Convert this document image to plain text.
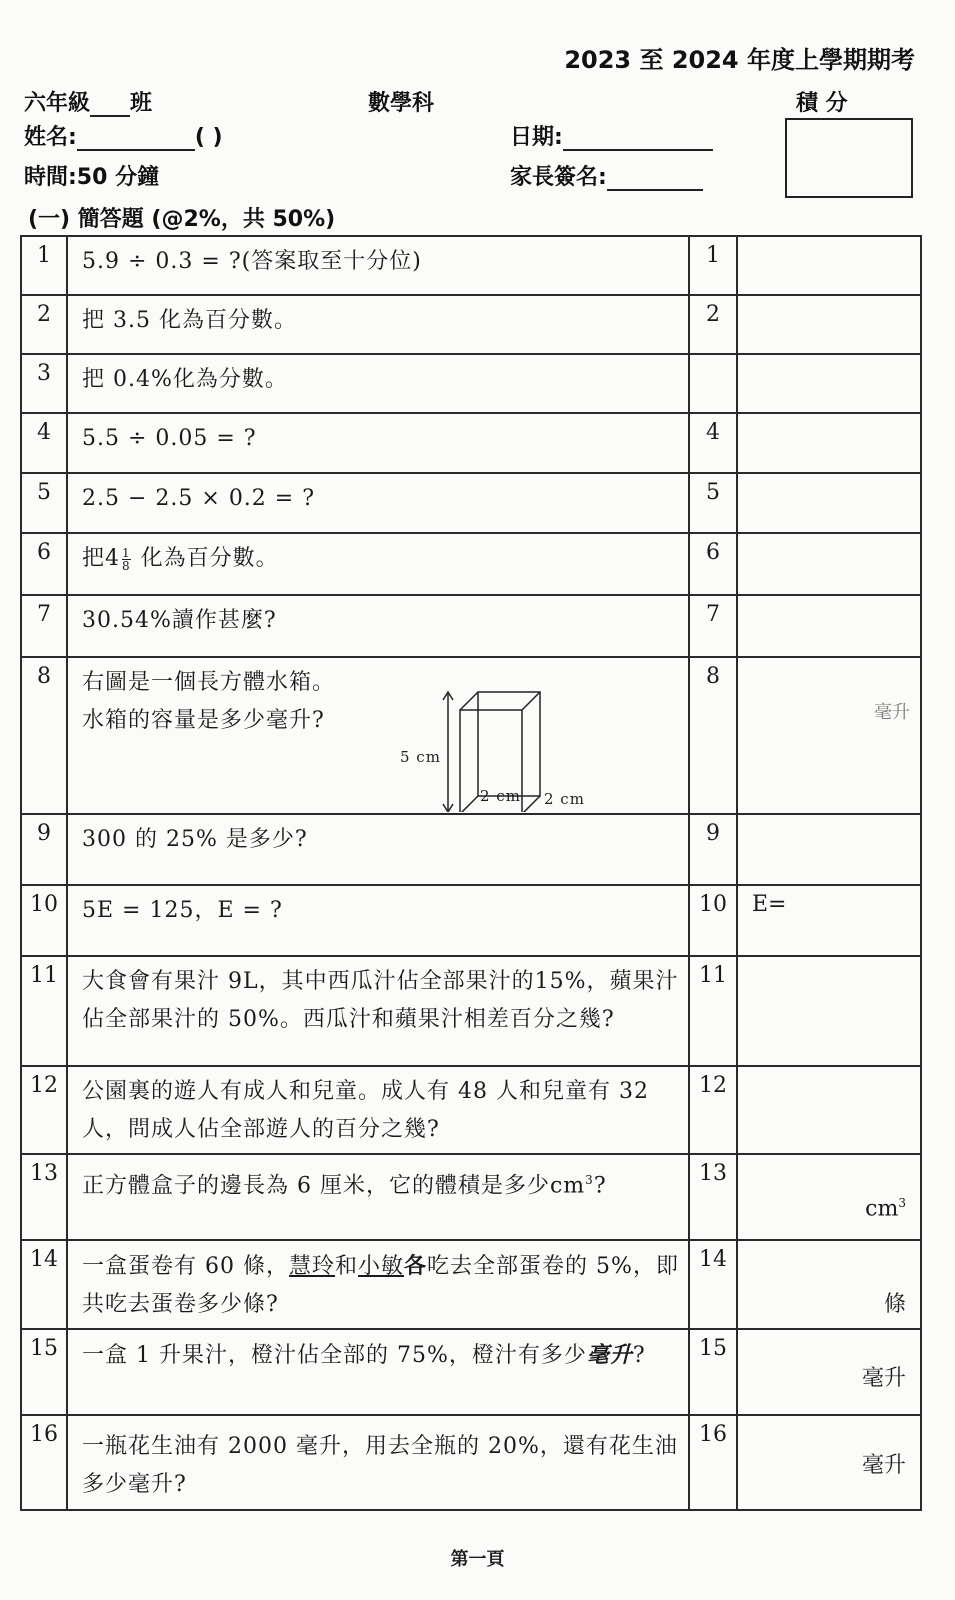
2023 至 2024 年度上學期期考
六年級 班	數學科	積 分
姓名:	( )	日期:
時間:50 分鐘	家長簽名:
(一) 簡答題 (@2%，共 50%)
1	5.9 ÷ 0.3 = ?(答案取至十分位)	1	
2	把 3.5 化為百分數。	2	
3	把 0.4%化為分數。		
4	5.5 ÷ 0.05 = ?	4	
5	2.5 − 2.5 × 0.2 = ?	5	
6	把$4 \frac{1}{8}$ 化為百分數。	6	
7	30.54%讀作甚麼?	7	
8	右圖是一個長方體水箱。
水箱的容量是多少毫升?
5 cm
2 cm
2 cm	8	毫升

9	300 的 25% 是多少?	9	
10	5E = 125，E = ?	10	E=

11	大食會有果汁 9L，其中西瓜汁佔全部果汁的15%，蘋果汁佔全部果汁的 50%。西瓜汁和蘋果汁相差百分之幾?	11	
12	公園裏的遊人有成人和兒童。成人有 48 人和兒童有 32 人，問成人佔全部遊人的百分之幾?	12	
13	正方體盒子的邊長為 6 厘米，它的體積是多少$cm^3$?	13	$cm^3$

14	一盒蛋卷有 60 條，慧玲和小敏各吃去全部蛋卷的 5%，即共吃去蛋卷多少條?	14	條

15	一盒 1 升果汁，橙汁佔全部的 75%，橙汁有多少毫升?	15	毫升

16	一瓶花生油有 2000 毫升，用去全瓶的 20%，還有花生油多少毫升?	16	毫升
第一頁
